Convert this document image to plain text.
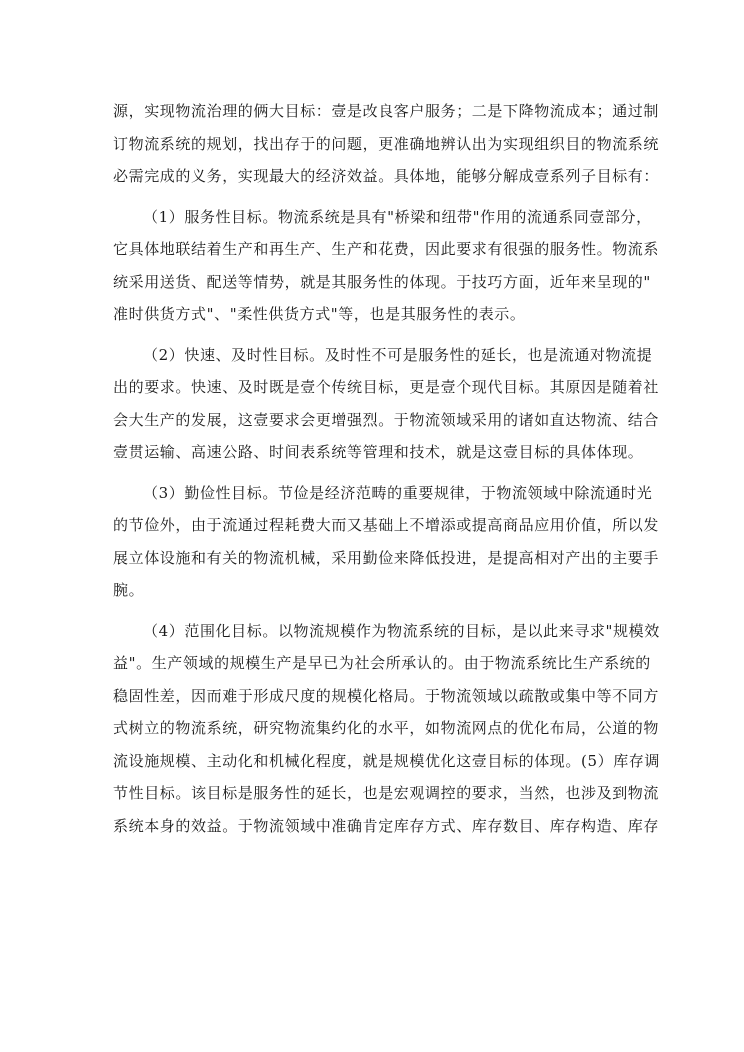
源，实现物流治理的俩大目标：壹是改良客户服务；二是下降物流成本；通过制
订物流系统的规划，找出存于的问题，更准确地辨认出为实现组织目的物流系统
必需完成的义务，实现最大的经济效益。具体地，能够分解成壹系列子目标有：

（1）服务性目标。物流系统是具有"桥梁和纽带"作用的流通系同壹部分，
它具体地联结着生产和再生产、生产和花费，因此要求有很强的服务性。物流系
统采用送货、配送等情势，就是其服务性的体现。于技巧方面，近年来呈现的"
准时供货方式"、"柔性供货方式"等，也是其服务性的表示。

（2）快速、及时性目标。及时性不可是服务性的延长，也是流通对物流提
出的要求。快速、及时既是壹个传统目标，更是壹个现代目标。其原因是随着社
会大生产的发展，这壹要求会更增强烈。于物流领域采用的诸如直达物流、结合
壹贯运输、高速公路、时间表系统等管理和技术，就是这壹目标的具体体现。

（3）勤俭性目标。节俭是经济范畴的重要规律，于物流领域中除流通时光
的节俭外，由于流通过程耗费大而又基础上不增添或提高商品应用价值，所以发
展立体设施和有关的物流机械，采用勤俭来降低投进，是提高相对产出的主要手
腕。

（4）范围化目标。以物流规模作为物流系统的目标，是以此来寻求"规模效
益"。生产领域的规模生产是早已为社会所承认的。由于物流系统比生产系统的
稳固性差，因而难于形成尺度的规模化格局。于物流领域以疏散或集中等不同方
式树立的物流系统，研究物流集约化的水平，如物流网点的优化布局，公道的物
流设施规模、主动化和机械化程度，就是规模优化这壹目标的体现。(5）库存调
节性目标。该目标是服务性的延长，也是宏观调控的要求，当然，也涉及到物流
系统本身的效益。于物流领域中准确肯定库存方式、库存数目、库存构造、库存
